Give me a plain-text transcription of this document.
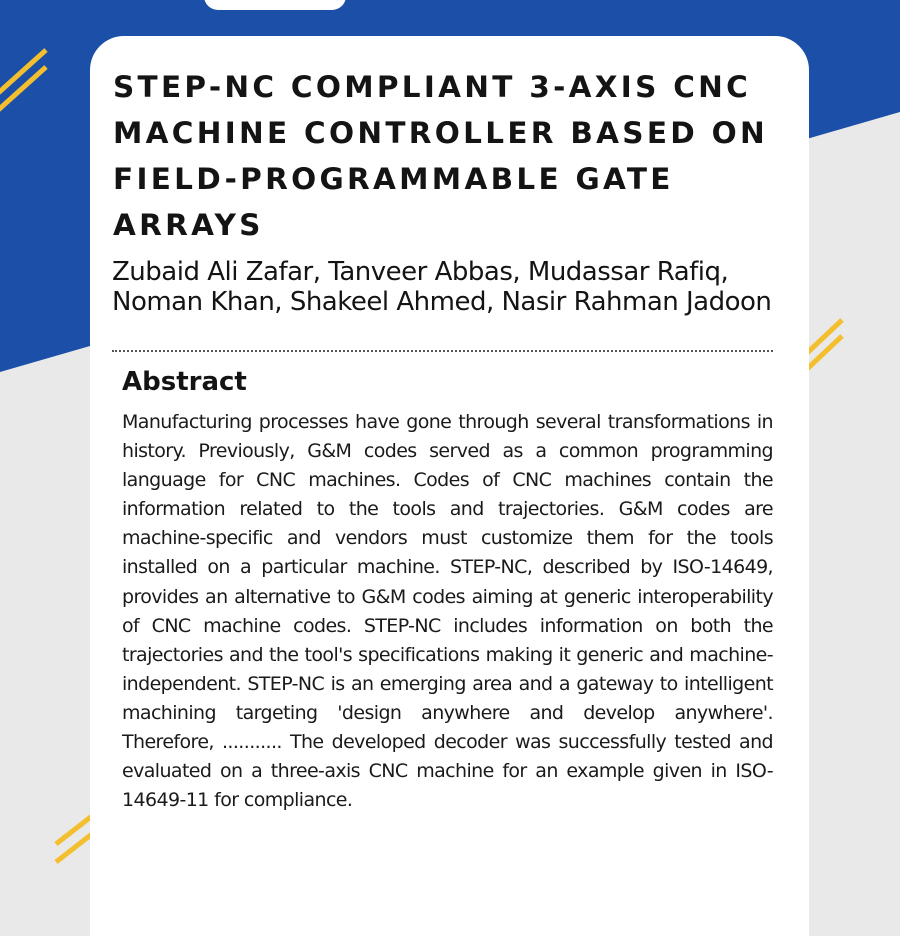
STEP-NC COMPLIANT 3-AXIS CNC MACHINE CONTROLLER BASED ON FIELD-PROGRAMMABLE GATE ARRAYS

Zubaid Ali Zafar, Tanveer Abbas, Mudassar Rafiq, Noman Khan, Shakeel Ahmed, Nasir Rahman Jadoon

Abstract

Manufacturing processes have gone through several transformations in history. Previously, G&M codes served as a common programming language for CNC machines. Codes of CNC machines contain the information related to the tools and trajectories. G&M codes are machine-specific and vendors must customize them for the tools installed on a particular machine. STEP-NC, described by ISO-14649, provides an alternative to G&M codes aiming at generic interoperability of CNC machine codes. STEP-NC includes information on both the trajectories and the tool's specifications making it generic and machine-independent. STEP-NC is an emerging area and a gateway to intelligent machining targeting 'design anywhere and develop anywhere'. Therefore, ........... The developed decoder was successfully tested and evaluated on a three-axis CNC machine for an example given in ISO-14649-11 for compliance.
